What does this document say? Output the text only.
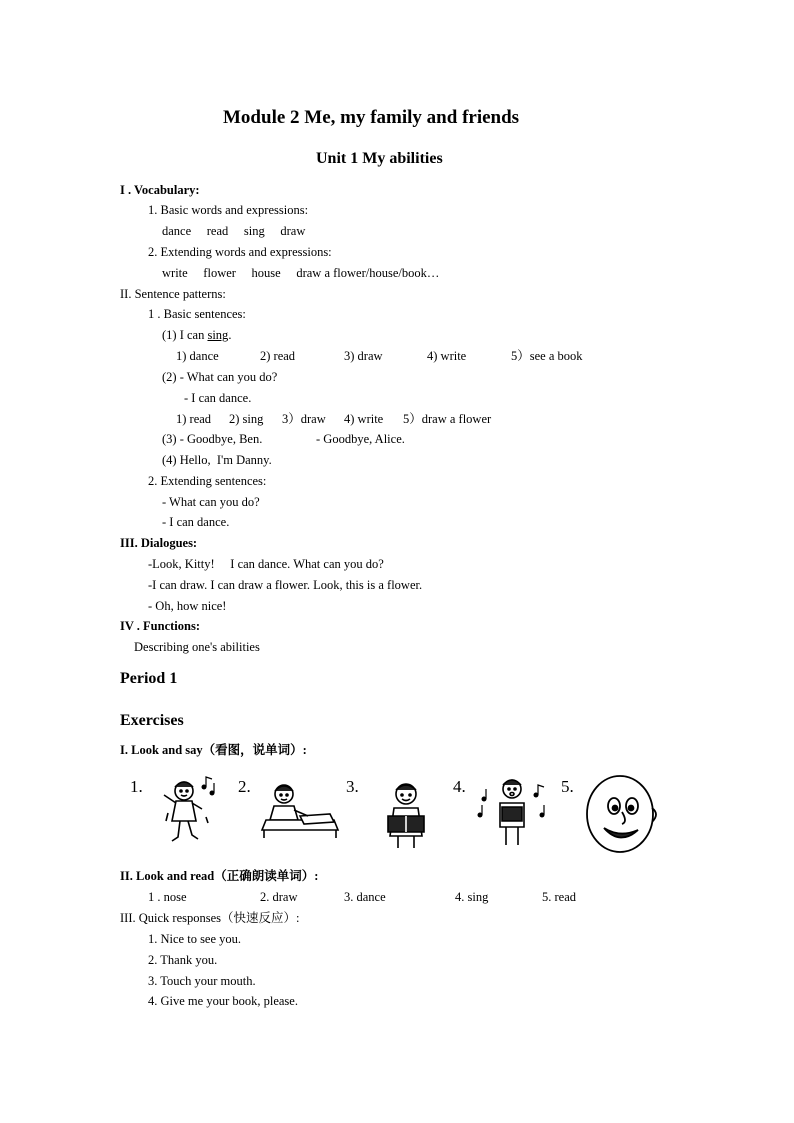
Module 2 Me, my family and friends
Unit 1 My abilities
I . Vocabulary:
1. Basic words and expressions:
dance     read     sing     draw
2. Extending words and expressions:
write     flower     house     draw a flower/house/book…
II. Sentence patterns:
1 . Basic sentences:
(1) I can sing.
1) dance	2) read	3) draw	4) write	5）see a book
(2) - What can you do?
- I can dance.
1) read 2) sing 3）draw 4) write 5）draw a flower
(3) - Goodbye, Ben.	- Goodbye, Alice.
(4) Hello,  I'm Danny.
2. Extending sentences:
- What can you do?
- I can dance.
III. Dialogues:
-Look, Kitty!     I can dance. What can you do?
-I can draw. I can draw a flower. Look, this is a flower.
- Oh, how nice!
IV . Functions:
Describing one's abilities
Period 1
Exercises
I. Look and say（看图，说单词）:
1.	2.	3.	4.	5.
II. Look and read（正确朗读单词）:
1 . nose	2. draw	3. dance	4. sing	5. read
III. Quick responses（快速反应）:
1. Nice to see you.
2. Thank you.
3. Touch your mouth.
4. Give me your book, please.
